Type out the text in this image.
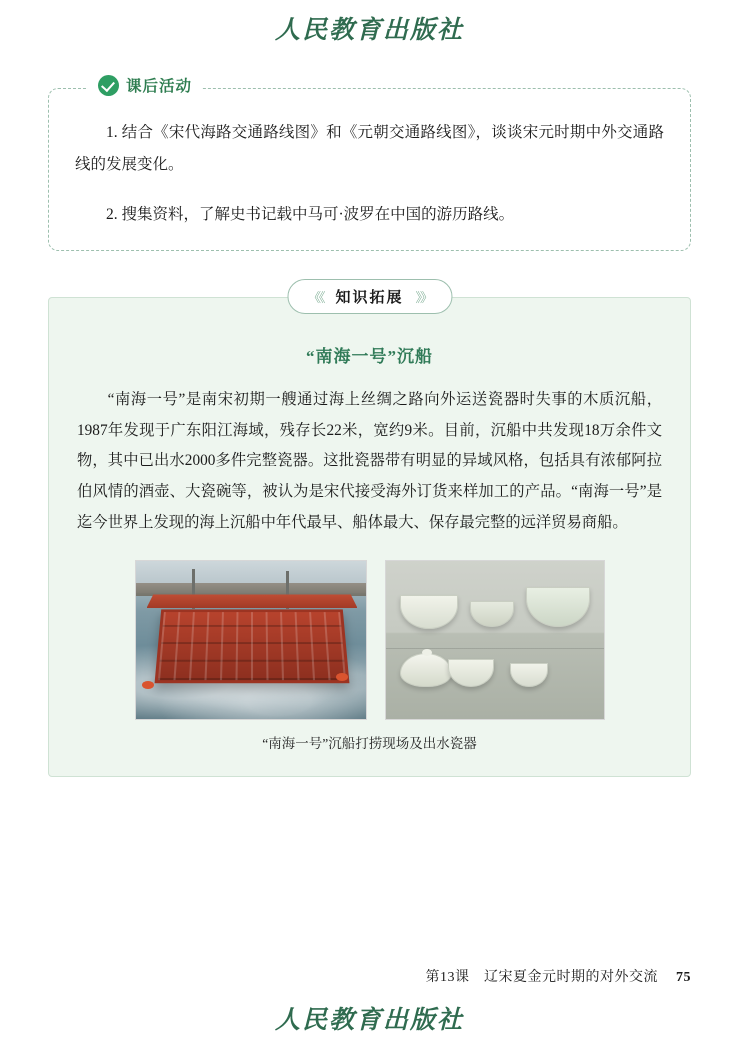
人民教育出版社
课后活动

1. 结合《宋代海路交通路线图》和《元朝交通路线图》，谈谈宋元时期中外交通路线的发展变化。

2. 搜集资料，了解史书记载中马可·波罗在中国的游历路线。

《《 知识拓展 》》
“南海一号”沉船

“南海一号”是南宋初期一艘通过海上丝绸之路向外运送瓷器时失事的木质沉船，1987年发现于广东阳江海域，残存长22米，宽约9米。目前，沉船中共发现18万余件文物，其中已出水2000多件完整瓷器。这批瓷器带有明显的异域风格，包括具有浓郁阿拉伯风情的酒壶、大瓷碗等，被认为是宋代接受海外订货来样加工的产品。“南海一号”是迄今世界上发现的海上沉船中年代最早、船体最大、保存最完整的远洋贸易商船。

“南海一号”沉船打捞现场及出水瓷器
第13课　辽宋夏金元时期的对外交流 75
人民教育出版社
